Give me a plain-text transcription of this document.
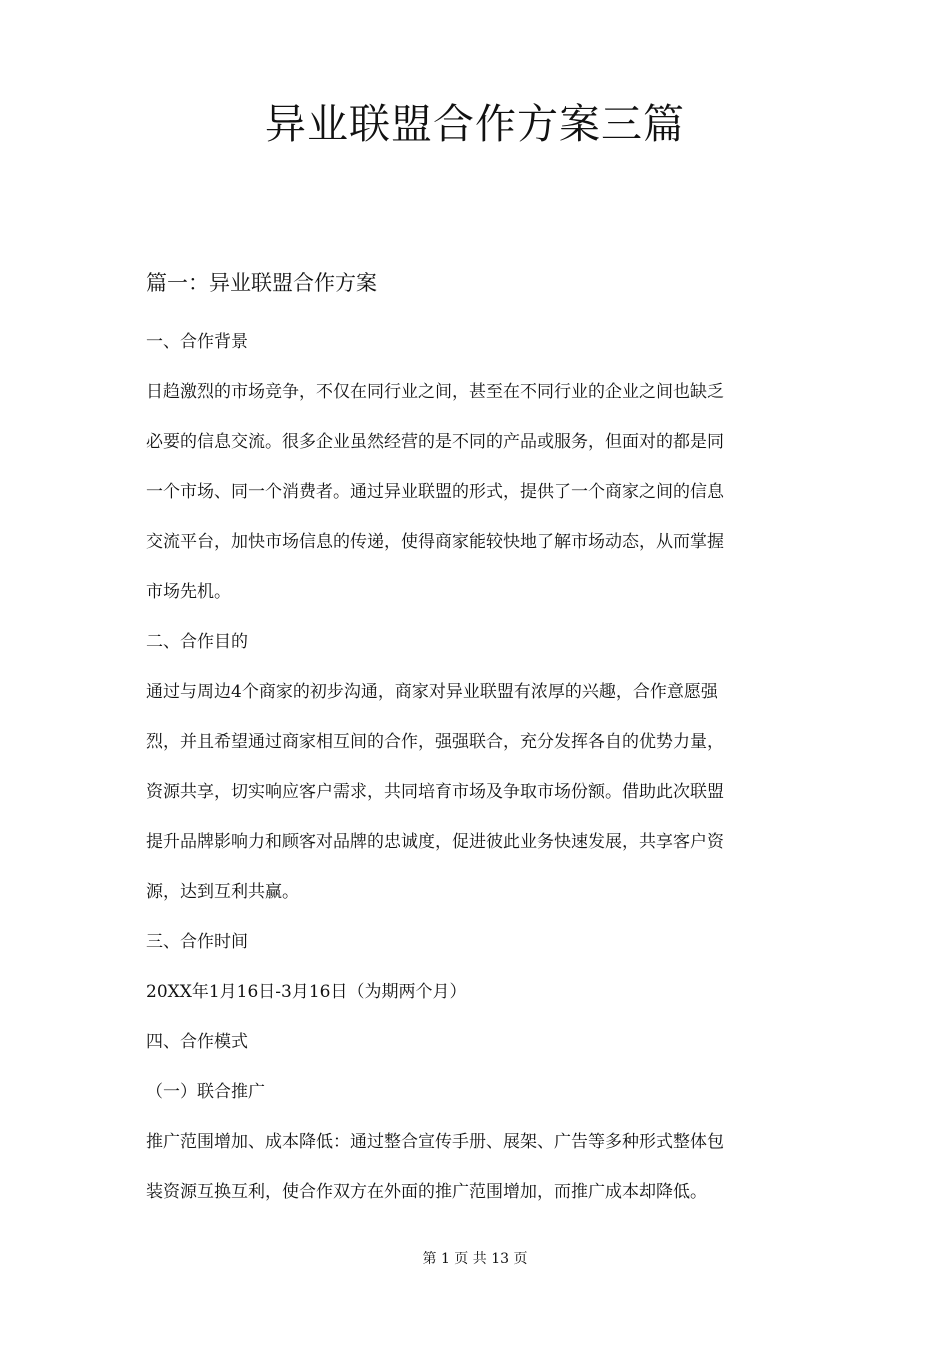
异业联盟合作方案三篇
篇一：异业联盟合作方案
一、合作背景
日趋激烈的市场竞争，不仅在同行业之间，甚至在不同行业的企业之间也缺乏
必要的信息交流。很多企业虽然经营的是不同的产品或服务，但面对的都是同
一个市场、同一个消费者。通过异业联盟的形式，提供了一个商家之间的信息
交流平台，加快市场信息的传递，使得商家能较快地了解市场动态，从而掌握
市场先机。
二、合作目的
通过与周边4个商家的初步沟通，商家对异业联盟有浓厚的兴趣，合作意愿强
烈，并且希望通过商家相互间的合作，强强联合，充分发挥各自的优势力量，
资源共享，切实响应客户需求，共同培育市场及争取市场份额。借助此次联盟
提升品牌影响力和顾客对品牌的忠诚度，促进彼此业务快速发展，共享客户资
源，达到互利共赢。
三、合作时间
20XX年1月16日-3月16日（为期两个月）
四、合作模式
（一）联合推广
推广范围增加、成本降低：通过整合宣传手册、展架、广告等多种形式整体包
装资源互换互利，使合作双方在外面的推广范围增加，而推广成本却降低。
第 1 页 共 13 页
